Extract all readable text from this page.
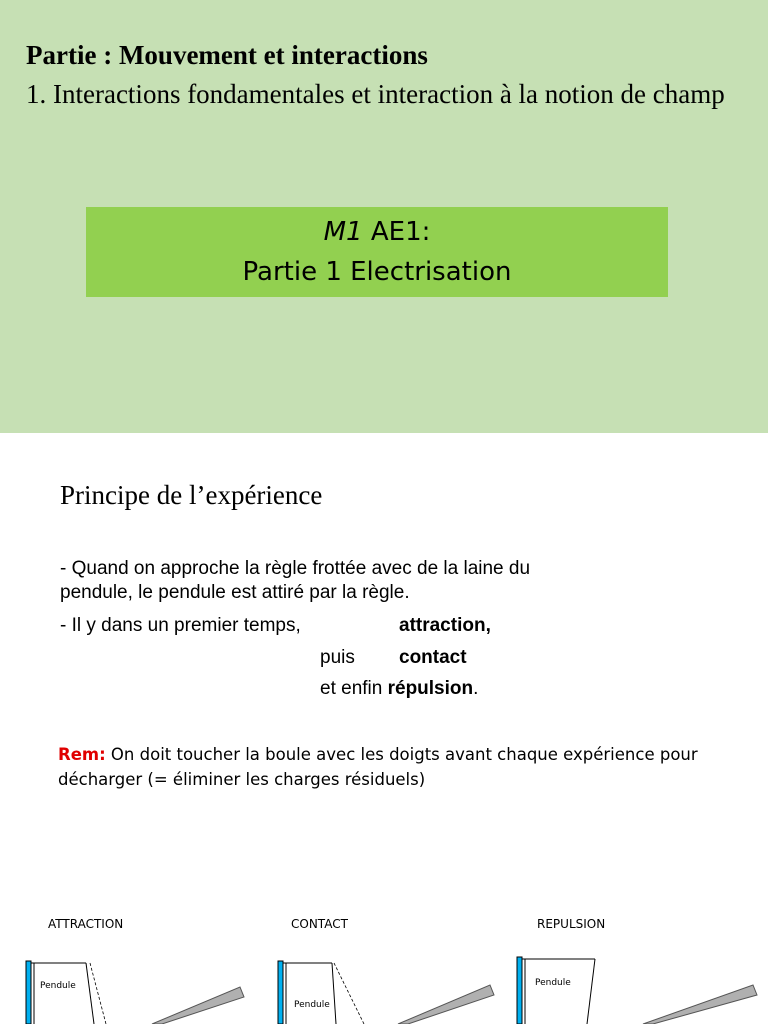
Partie : Mouvement et interactions
1. Interactions fondamentales et interaction à la notion de champ
M1 AE1:
Partie 1 Electrisation
Principe de l’expérience

- Quand on approche la règle frottée avec de la laine du
pendule, le pendule est attiré par la règle.

- Il y dans un premier temps,	attraction,

puis contact

et enfin répulsion.

Rem: On doit toucher la boule avec les doigts avant chaque expérience pour décharger (= éliminer les charges résiduels)

ATTRACTION	CONTACT	REPULSION
Pendule
Pendule
Pendule
